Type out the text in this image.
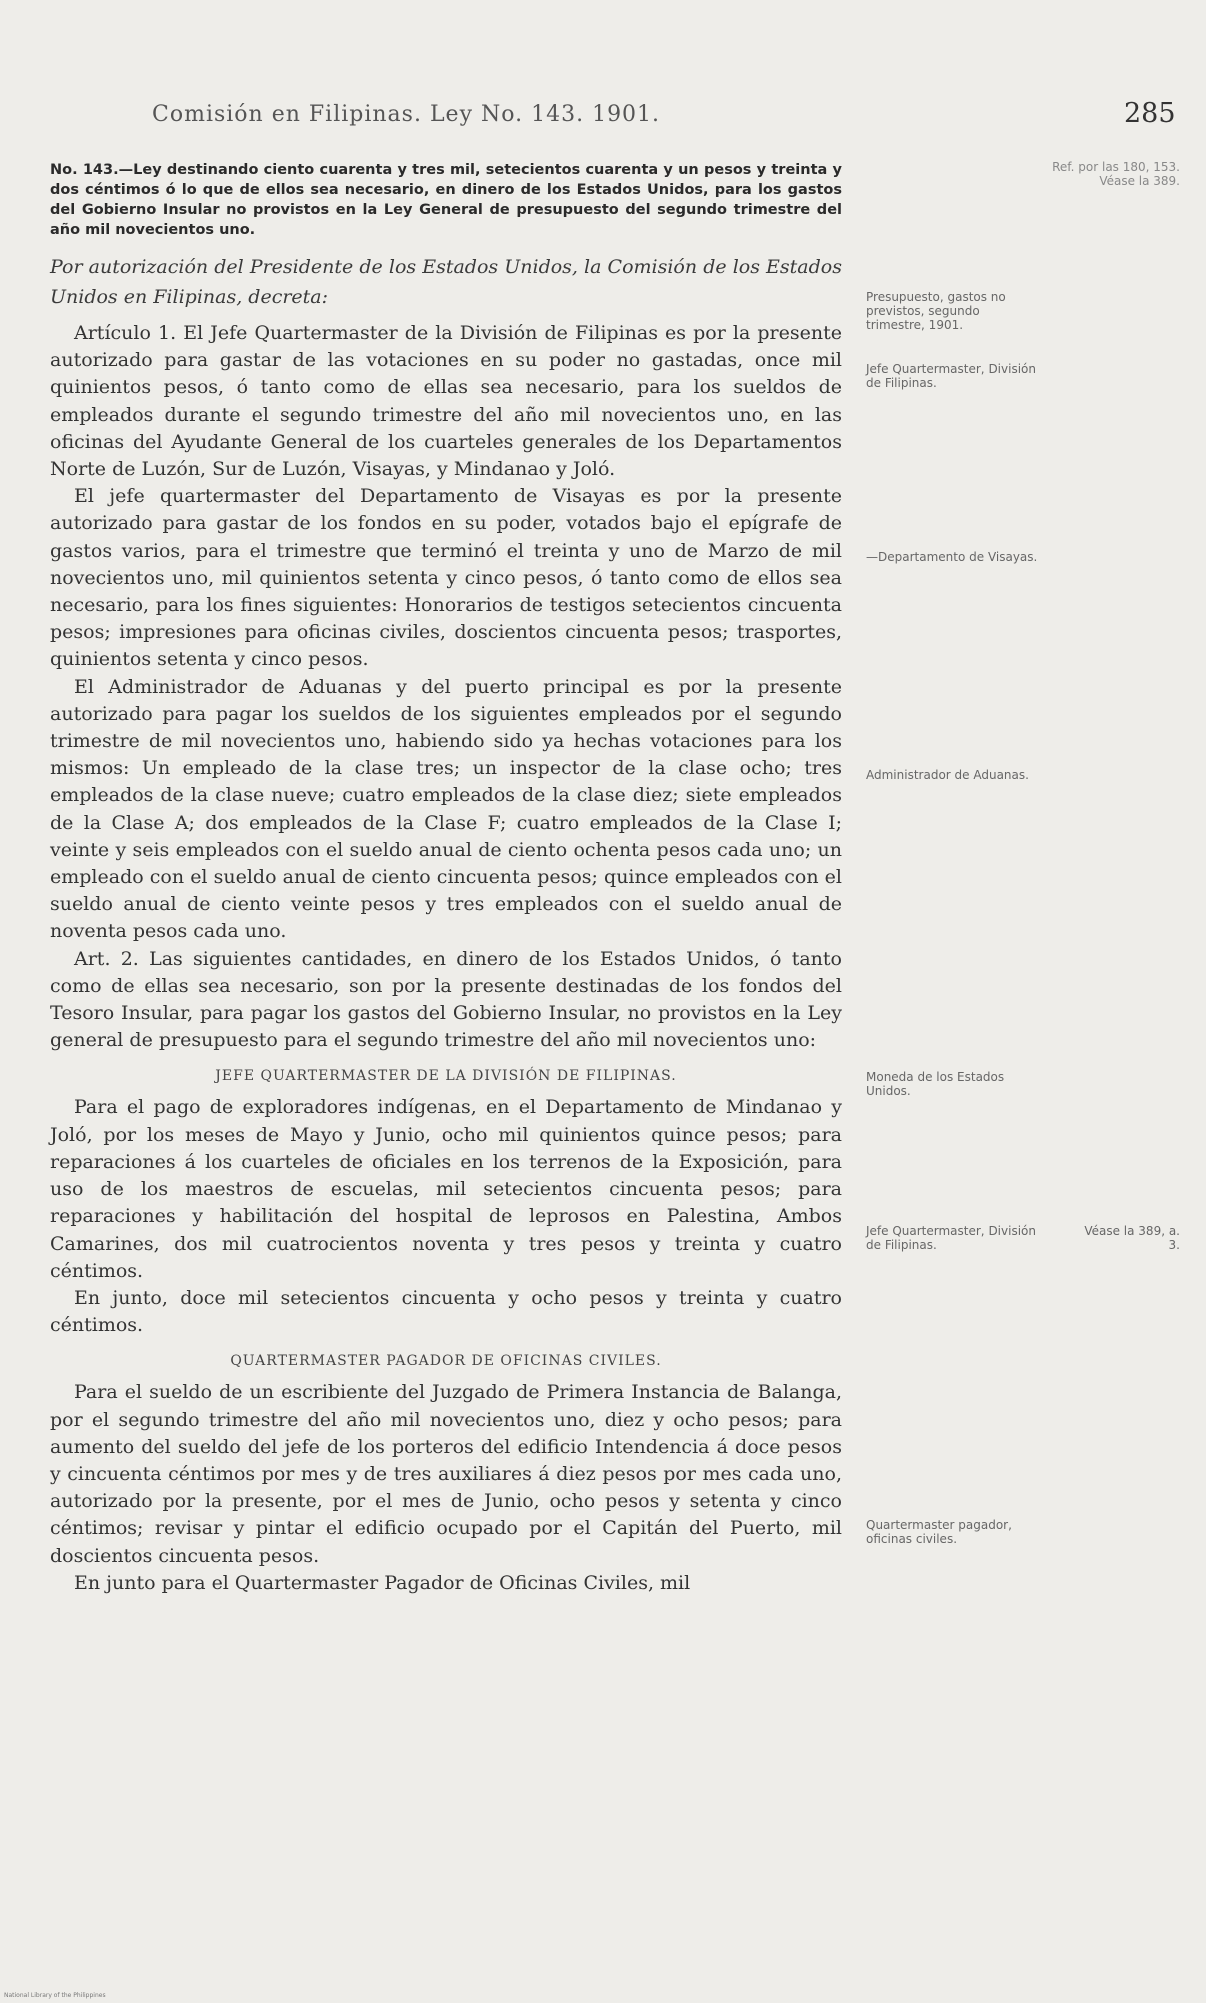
Comisión en Filipinas. Ley No. 143. 1901.	285

No. 143.—Ley destinando ciento cuarenta y tres mil, setecientos cuarenta y un pesos y treinta y dos céntimos ó lo que de ellos sea necesario, en dinero de los Estados Unidos, para los gastos del Gobierno Insular no provistos en la Ley General de presupuesto del segundo trimestre del año mil novecientos uno.

Por autorización del Presidente de los Estados Unidos, la Comisión de los Estados Unidos en Filipinas, decreta:

Artículo 1. El Jefe Quartermaster de la División de Filipinas es por la presente autorizado para gastar de las votaciones en su poder no gastadas, once mil quinientos pesos, ó tanto como de ellas sea necesario, para los sueldos de empleados durante el segundo trimestre del año mil novecientos uno, en las oficinas del Ayudante General de los cuarteles generales de los Departamentos Norte de Luzón, Sur de Luzón, Visayas, y Mindanao y Joló.

El jefe quartermaster del Departamento de Visayas es por la presente autorizado para gastar de los fondos en su poder, votados bajo el epígrafe de gastos varios, para el trimestre que terminó el treinta y uno de Marzo de mil novecientos uno, mil quinientos setenta y cinco pesos, ó tanto como de ellos sea necesario, para los fines siguientes: Honorarios de testigos setecientos cincuenta pesos; impresiones para oficinas civiles, doscientos cincuenta pesos; trasportes, quinientos setenta y cinco pesos.

El Administrador de Aduanas y del puerto principal es por la presente autorizado para pagar los sueldos de los siguientes empleados por el segundo trimestre de mil novecientos uno, habiendo sido ya hechas votaciones para los mismos: Un empleado de la clase tres; un inspector de la clase ocho; tres empleados de la clase nueve; cuatro empleados de la clase diez; siete empleados de la Clase A; dos empleados de la Clase F; cuatro empleados de la Clase I; veinte y seis empleados con el sueldo anual de ciento ochenta pesos cada uno; un empleado con el sueldo anual de ciento cincuenta pesos; quince empleados con el sueldo anual de ciento veinte pesos y tres empleados con el sueldo anual de noventa pesos cada uno.

Art. 2. Las siguientes cantidades, en dinero de los Estados Unidos, ó tanto como de ellas sea necesario, son por la presente destinadas de los fondos del Tesoro Insular, para pagar los gastos del Gobierno Insular, no provistos en la Ley general de presupuesto para el segundo trimestre del año mil novecientos uno:

JEFE QUARTERMASTER DE LA DIVISIÓN DE FILIPINAS.

Para el pago de exploradores indígenas, en el Departamento de Mindanao y Joló, por los meses de Mayo y Junio, ocho mil quinientos quince pesos; para reparaciones á los cuarteles de oficiales en los terrenos de la Exposición, para uso de los maestros de escuelas, mil setecientos cincuenta pesos; para reparaciones y habilitación del hospital de leprosos en Palestina, Ambos Camarines, dos mil cuatrocientos noventa y tres pesos y treinta y cuatro céntimos.

En junto, doce mil setecientos cincuenta y ocho pesos y treinta y cuatro céntimos.

QUARTERMASTER PAGADOR DE OFICINAS CIVILES.

Para el sueldo de un escribiente del Juzgado de Primera Instancia de Balanga, por el segundo trimestre del año mil novecientos uno, diez y ocho pesos; para aumento del sueldo del jefe de los porteros del edificio Intendencia á doce pesos y cincuenta céntimos por mes y de tres auxiliares á diez pesos por mes cada uno, autorizado por la presente, por el mes de Junio, ocho pesos y setenta y cinco céntimos; revisar y pintar el edificio ocupado por el Capitán del Puerto, mil doscientos cincuenta pesos.

En junto para el Quartermaster Pagador de Oficinas Civiles, mil

Presupuesto, gastos no previstos, segundo trimestre, 1901.
Jefe Quartermaster, División de Filipinas.
—Departamento de Visayas.
Administrador de Aduanas.
Moneda de los Estados Unidos.
Jefe Quartermaster, División de Filipinas.
Quartermaster pagador, oficinas civiles.
Ref. por las 180, 153. Véase la 389.
Véase la 389, a. 3.
National Library of the Philippines
